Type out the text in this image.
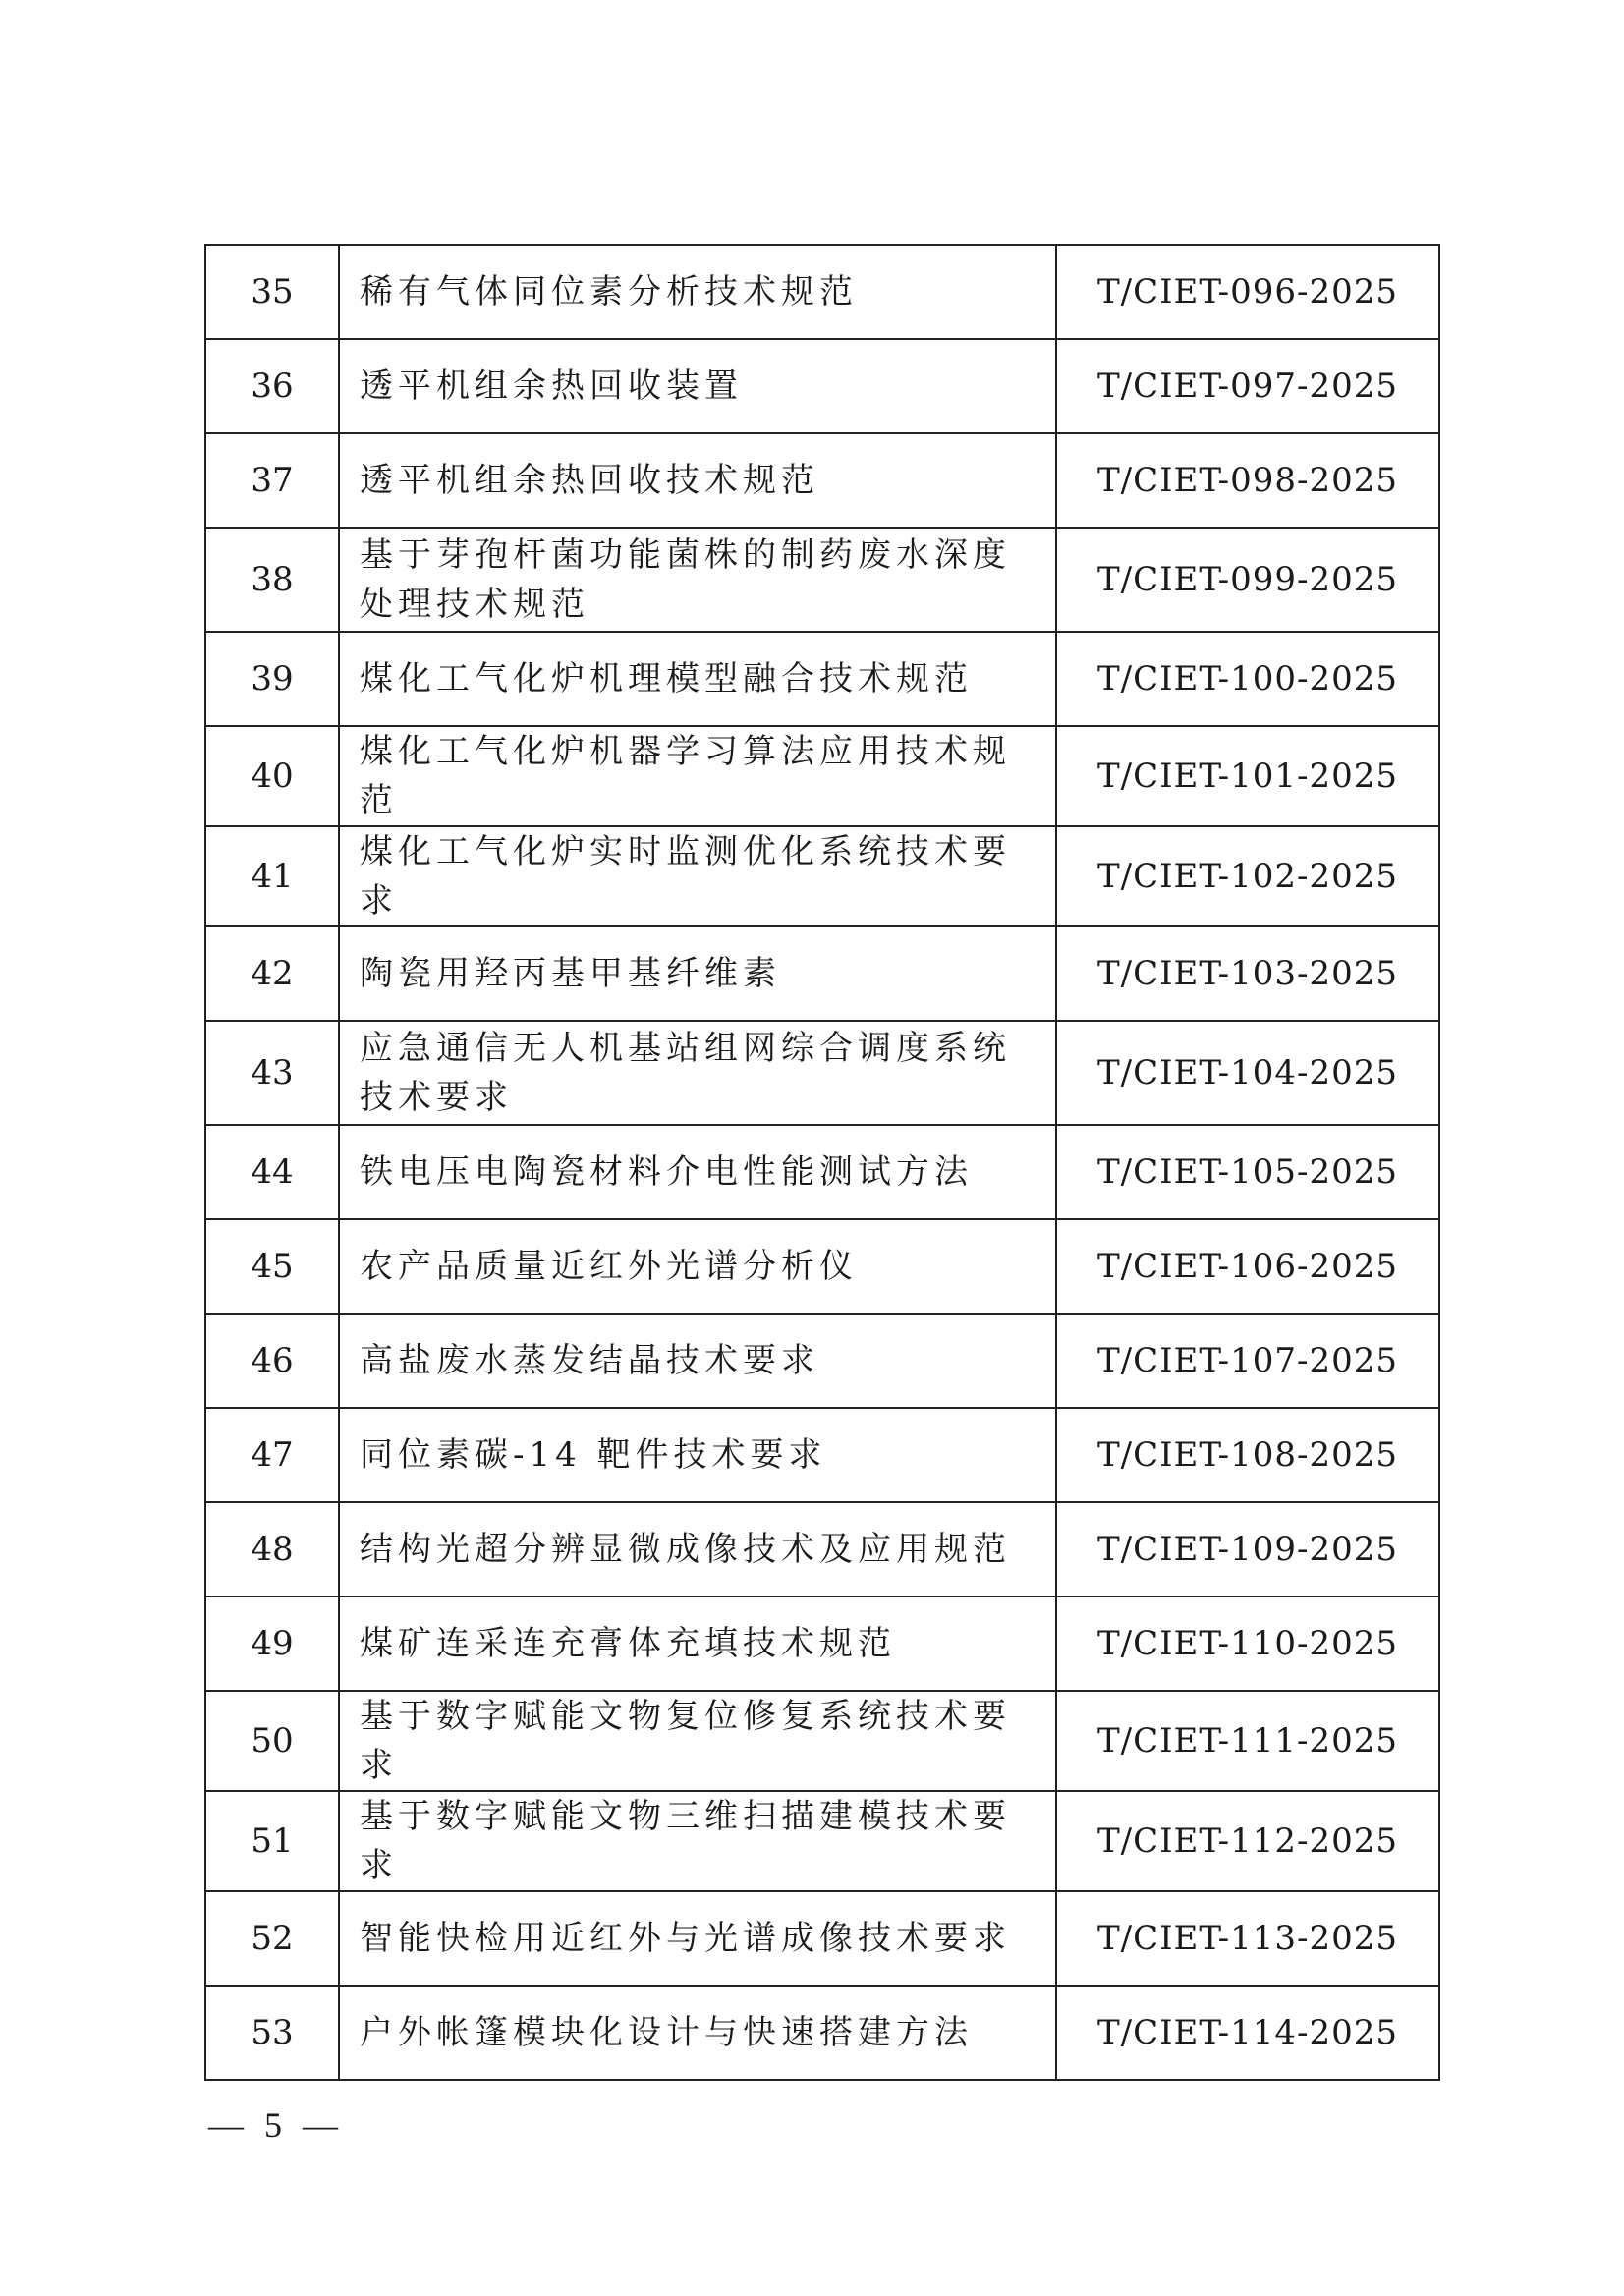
35	稀有气体同位素分析技术规范	T/CIET-096-2025
36	透平机组余热回收装置	T/CIET-097-2025
37	透平机组余热回收技术规范	T/CIET-098-2025
38	基于芽孢杆菌功能菌株的制药废水深度处理技术规范	T/CIET-099-2025
39	煤化工气化炉机理模型融合技术规范	T/CIET-100-2025
40	煤化工气化炉机器学习算法应用技术规范	T/CIET-101-2025
41	煤化工气化炉实时监测优化系统技术要求	T/CIET-102-2025
42	陶瓷用羟丙基甲基纤维素	T/CIET-103-2025
43	应急通信无人机基站组网综合调度系统技术要求	T/CIET-104-2025
44	铁电压电陶瓷材料介电性能测试方法	T/CIET-105-2025
45	农产品质量近红外光谱分析仪	T/CIET-106-2025
46	高盐废水蒸发结晶技术要求	T/CIET-107-2025
47	同位素碳-14 靶件技术要求	T/CIET-108-2025
48	结构光超分辨显微成像技术及应用规范	T/CIET-109-2025
49	煤矿连采连充膏体充填技术规范	T/CIET-110-2025
50	基于数字赋能文物复位修复系统技术要求	T/CIET-111-2025
51	基于数字赋能文物三维扫描建模技术要求	T/CIET-112-2025
52	智能快检用近红外与光谱成像技术要求	T/CIET-113-2025
53	户外帐篷模块化设计与快速搭建方法	T/CIET-114-2025
— 5 —
